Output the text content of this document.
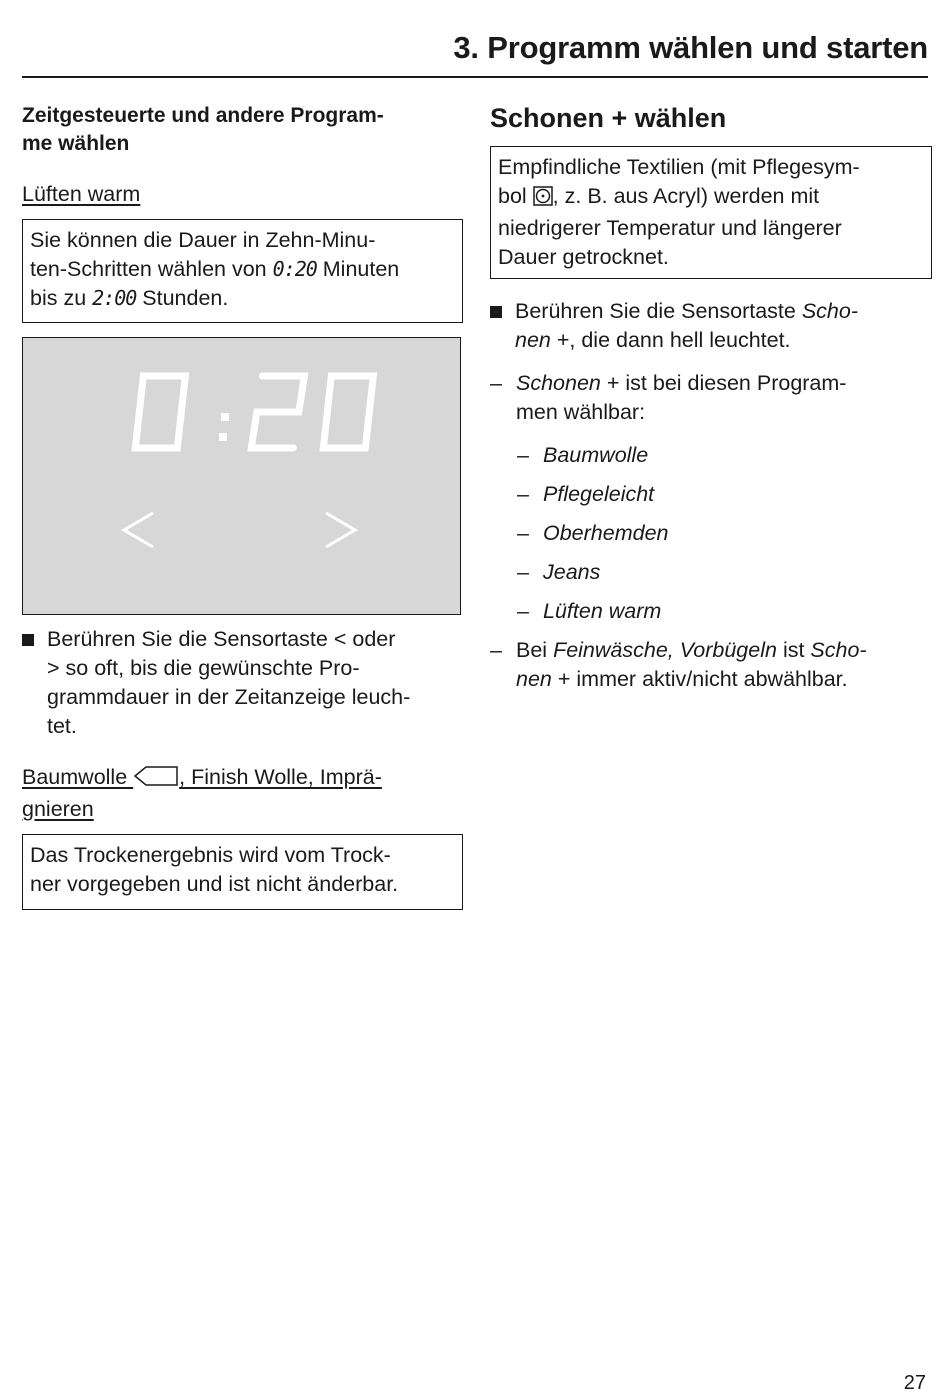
3. Programm wählen und starten
Zeitgesteuerte und andere Program-
me wählen
Lüften warm
Sie können die Dauer in Zehn-Minu-
ten-Schritten wählen von 0:20 Minuten
bis zu 2:00 Stunden.
Berühren Sie die Sensortaste < oder
> so oft, bis die gewünschte Pro-
grammdauer in der Zeitanzeige leuch-
tet.
Baumwolle , Finish Wolle, Imprä-
gnieren
Das Trockenergebnis wird vom Trock-
ner vorgegeben und ist nicht änderbar.
Schonen + wählen
Empfindliche Textilien (mit Pflegesym-
bol , z. B. aus Acryl) werden mit
niedrigerer Temperatur und längerer
Dauer getrocknet.
Berühren Sie die Sensortaste Scho-
nen +, die dann hell leuchtet.
– Schonen + ist bei diesen Program-
men wählbar:
– Baumwolle
– Pflegeleicht
– Oberhemden
– Jeans
– Lüften warm
– Bei Feinwäsche, Vorbügeln ist Scho-
nen + immer aktiv/nicht abwählbar.
27
